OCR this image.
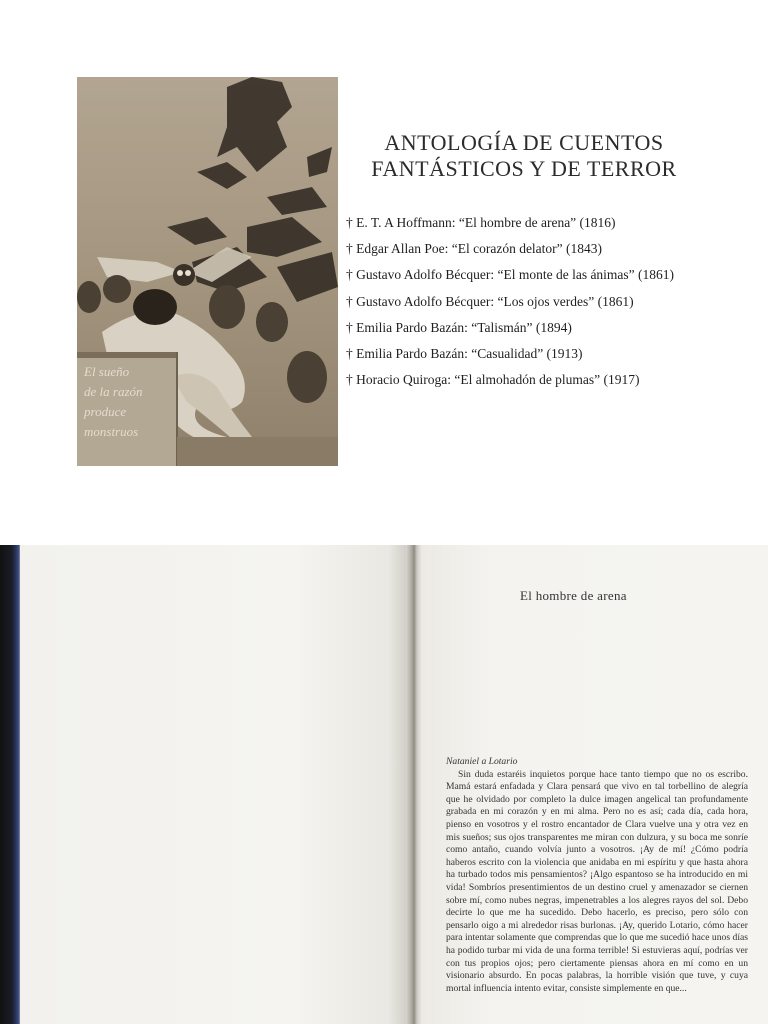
El sueño
de la razón
produce
monstruos
ANTOLOGÍA DE CUENTOS
FANTÁSTICOS Y DE TERROR
† E. T. A Hoffmann: “El hombre de arena” (1816)
† Edgar Allan Poe: “El corazón delator” (1843)
† Gustavo Adolfo Bécquer: “El monte de las ánimas” (1861)
† Gustavo Adolfo Bécquer: “Los ojos verdes” (1861)
† Emilia Pardo Bazán: “Talismán” (1894)
† Emilia Pardo Bazán: “Casualidad” (1913)
† Horacio Quiroga: “El almohadón de plumas” (1917)
El hombre de arena
Nataniel a Lotario
Sin duda estaréis inquietos porque hace tanto tiempo que no os escribo. Mamá estará enfadada y Clara pensará que vivo en tal torbellino de alegría que he olvidado por completo la dulce imagen angelical tan profundamente grabada en mi corazón y en mi alma. Pero no es así; cada día, cada hora, pienso en vosotros y el rostro encantador de Clara vuelve una y otra vez en mis sueños; sus ojos transparentes me miran con dulzura, y su boca me sonríe como antaño, cuando volvía junto a vosotros. ¡Ay de mí! ¿Cómo podría haberos escrito con la violencia que anidaba en mi espíritu y que hasta ahora ha turbado todos mis pensamientos? ¡Algo espantoso se ha introducido en mi vida! Sombríos presentimientos de un destino cruel y amenazador se ciernen sobre mí, como nubes negras, impenetrables a los alegres rayos del sol. Debo decirte lo que me ha sucedido. Debo hacerlo, es preciso, pero sólo con pensarlo oigo a mi alrededor risas burlonas. ¡Ay, querido Lotario, cómo hacer para intentar solamente que comprendas que lo que me sucedió hace unos días ha podido turbar mi vida de una forma terrible! Si estuvieras aquí, podrías ver con tus propios ojos; pero ciertamente piensas ahora en mí como en un visionario absurdo. En pocas palabras, la horrible visión que tuve, y cuya mortal influencia intento evitar, consiste simplemente en que...
